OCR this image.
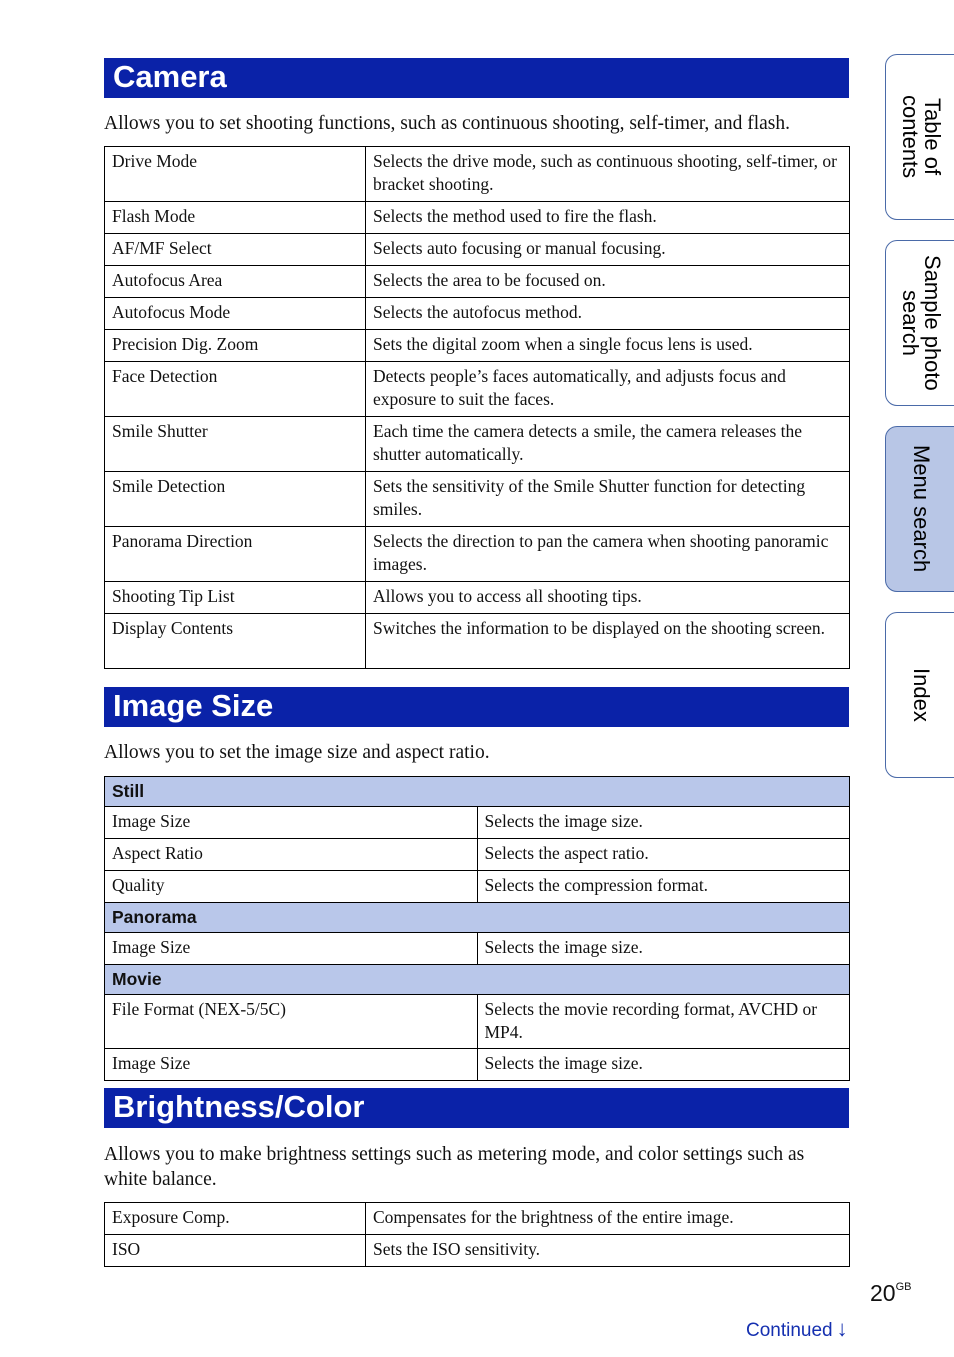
Camera
Allows you to set shooting functions, such as continuous shooting, self-timer, and flash.
Drive Mode	Selects the drive mode, such as continuous shooting, self-timer, or bracket shooting.
Flash Mode	Selects the method used to fire the flash.
AF/MF Select	Selects auto focusing or manual focusing.
Autofocus Area	Selects the area to be focused on.
Autofocus Mode	Selects the autofocus method.
Precision Dig. Zoom	Sets the digital zoom when a single focus lens is used.
Face Detection	Detects people’s faces automatically, and adjusts focus and exposure to suit the faces.
Smile Shutter	Each time the camera detects a smile, the camera releases the shutter automatically.
Smile Detection	Sets the sensitivity of the Smile Shutter function for detecting smiles.
Panorama Direction	Selects the direction to pan the camera when shooting panoramic images.
Shooting Tip List	Allows you to access all shooting tips.
Display Contents	Switches the information to be displayed on the shooting screen.
Image Size
Allows you to set the image size and aspect ratio.
Still	
Image Size	Selects the image size.
Aspect Ratio	Selects the aspect ratio.
Quality	Selects the compression format.
Panorama	
Image Size	Selects the image size.
Movie	
File Format (NEX-5/5C)	Selects the movie recording format, AVCHD or MP4.
Image Size	Selects the image size.
Brightness/Color
Allows you to make brightness settings such as metering mode, and color settings such as white balance.
Exposure Comp.	Compensates for the brightness of the entire image.
ISO	Sets the ISO sensitivity.
Table of contents
Sample photo search
Menu search
Index
$20^{GB}$
Continued ↓
